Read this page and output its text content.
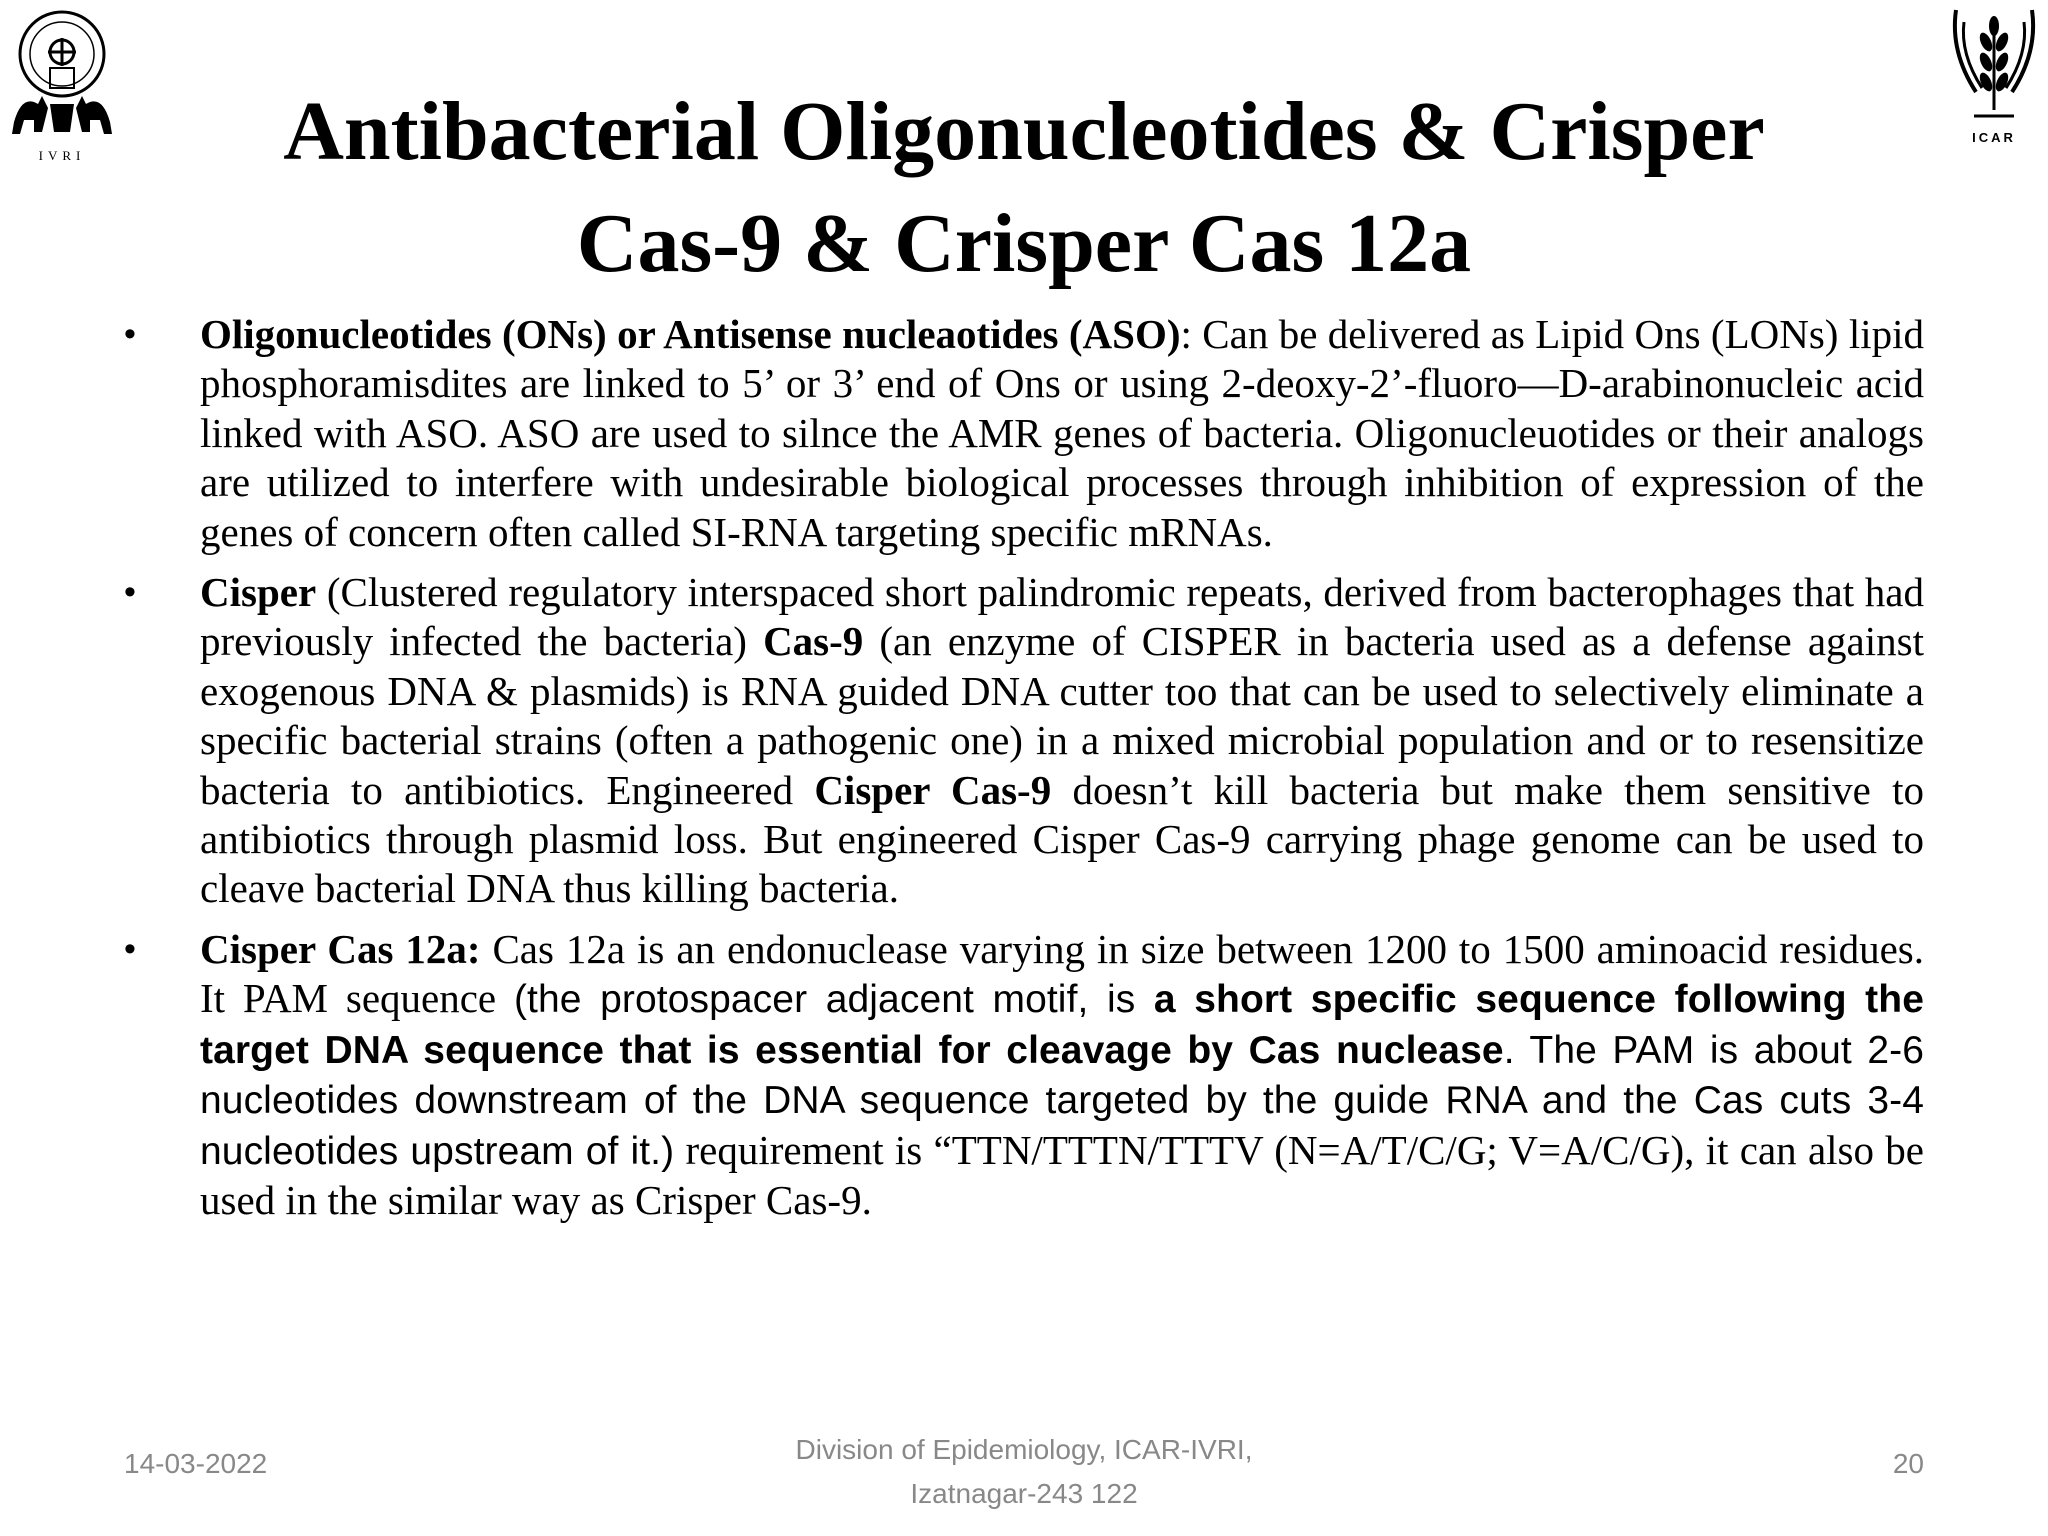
IVRI
ICAR
Antibacterial Oligonucleotides & Crisper
Cas-9 & Crisper Cas 12a
• Oligonucleotides (ONs) or Antisense nucleaotides (ASO): Can be delivered as Lipid Ons (LONs) lipid phosphoramisdites are linked to 5’ or 3’ end of Ons or using 2-deoxy-2’-fluoro—D-arabinonucleic acid linked with ASO. ASO are used to silnce the AMR genes of bacteria. Oligonucleuotides or their analogs are utilized to interfere with undesirable biological processes through inhibition of expression of the genes of concern often called SI-RNA targeting specific mRNAs.
• Cisper (Clustered regulatory interspaced short palindromic repeats, derived from bacterophages that had previously infected the bacteria) Cas-9 (an enzyme of CISPER in bacteria used as a defense against exogenous DNA & plasmids) is RNA guided DNA cutter too that can be used to selectively eliminate a specific bacterial strains (often a pathogenic one) in a mixed microbial population and or to resensitize bacteria to antibiotics. Engineered Cisper Cas-9 doesn’t kill bacteria but make them sensitive to antibiotics through plasmid loss. But engineered Cisper Cas-9 carrying phage genome can be used to cleave bacterial DNA thus killing bacteria.
• Cisper Cas 12a: Cas 12a is an endonuclease varying in size between 1200 to 1500 aminoacid residues. It PAM sequence (the protospacer adjacent motif, is a short specific sequence following the target DNA sequence that is essential for cleavage by Cas nuclease. The PAM is about 2-6 nucleotides downstream of the DNA sequence targeted by the guide RNA and the Cas cuts 3-4 nucleotides upstream of it.) requirement is “TTN/TTTN/TTTV (N=A/T/C/G; V=A/C/G), it can also be used in the similar way as Crisper Cas-9.
14-03-2022	Division of Epidemiology, ICAR-IVRI,
Izatnagar-243 122
20
